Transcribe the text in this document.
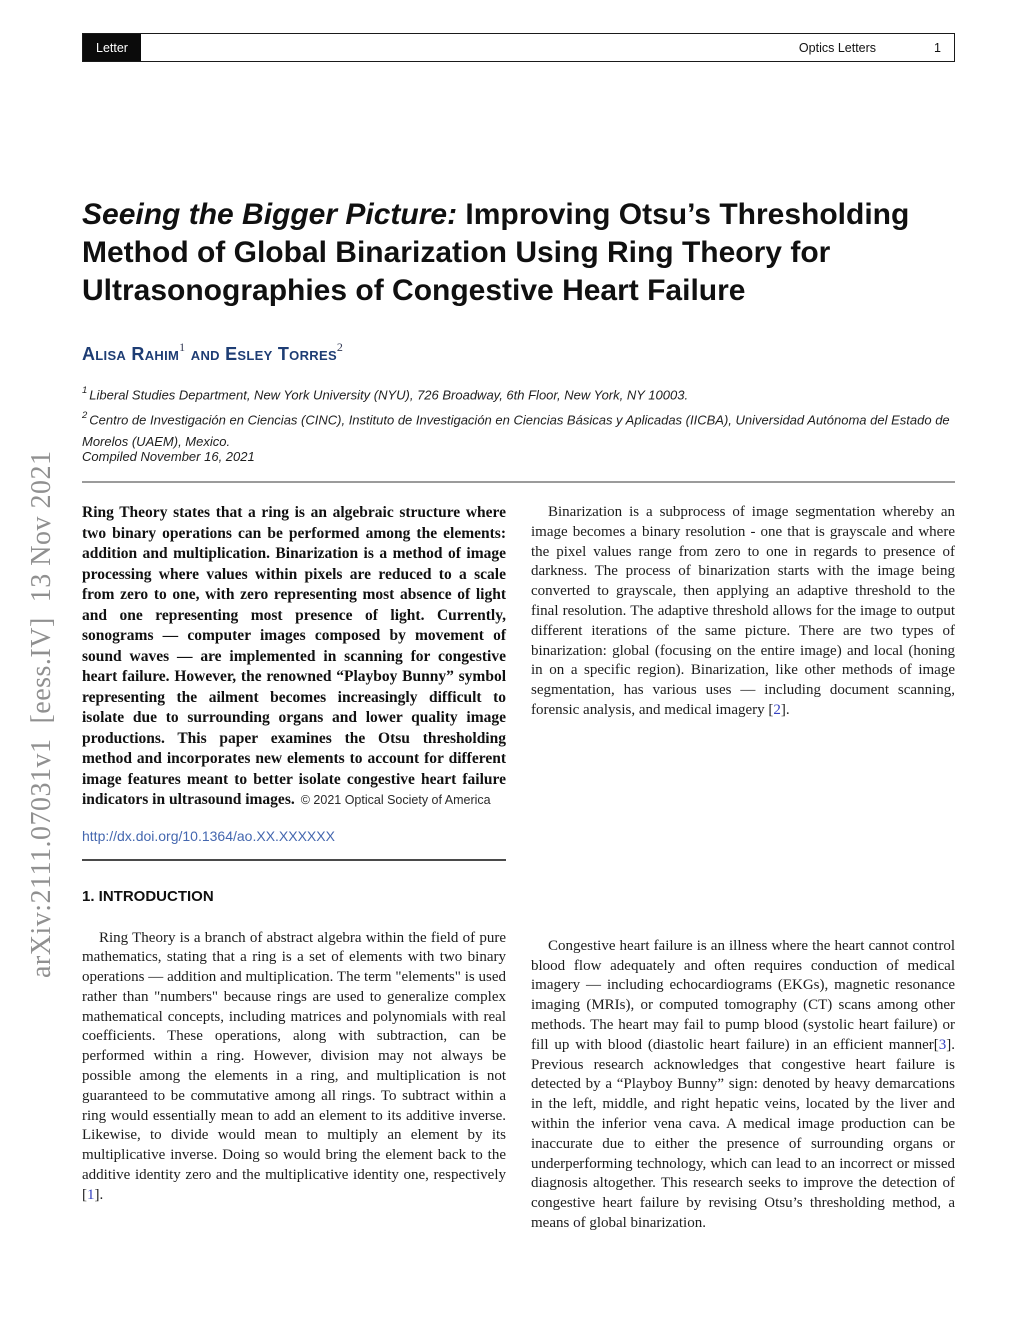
Letter	Optics Letters	1
arXiv:2111.07031v1  [eess.IV]  13 Nov 2021
Seeing the Bigger Picture: Improving Otsu’s Thresholding Method of Global Binarization Using Ring Theory for Ultrasonographies of Congestive Heart Failure
Alisa Rahim$^1$ and Esley Torres$^2$
$^1$ Liberal Studies Department, New York University (NYU), 726 Broadway, 6th Floor, New York, NY 10003.
$^2$ Centro de Investigación en Ciencias (CINC), Instituto de Investigación en Ciencias Básicas y Aplicadas (IICBA), Universidad Autónoma del Estado de Morelos (UAEM), Mexico.
Compiled November 16, 2021

Ring Theory states that a ring is an algebraic structure where two binary operations can be performed among the elements: addition and multiplication. Binarization is a method of image processing where values within pixels are reduced to a scale from zero to one, with zero representing most absence of light and one representing most presence of light. Currently, sonograms — computer images composed by movement of sound waves — are implemented in scanning for congestive heart failure. However, the renowned “Playboy Bunny” symbol representing the ailment becomes increasingly difficult to isolate due to surrounding organs and lower quality image productions. This paper examines the Otsu thresholding method and incorporates new elements to account for different image features meant to better isolate congestive heart failure indicators in ultrasound images. © 2021 Optical Society of America

http://dx.doi.org/10.1364/ao.XX.XXXXXX
1. INTRODUCTION

Ring Theory is a branch of abstract algebra within the field of pure mathematics, stating that a ring is a set of elements with two binary operations — addition and multiplication. The term "elements" is used rather than "numbers" because rings are used to generalize complex mathematical concepts, including matrices and polynomials with real coefficients. These operations, along with subtraction, can be performed within a ring. However, division may not always be possible among the elements in a ring, and multiplication is not guaranteed to be commutative among all rings. To subtract within a ring would essentially mean to add an element to its additive inverse. Likewise, to divide would mean to multiply an element by its multiplicative inverse. Doing so would bring the element back to the additive identity zero and the multiplicative identity one, respectively [1].

Binarization is a subprocess of image segmentation whereby an image becomes a binary resolution - one that is grayscale and where the pixel values range from zero to one in regards to presence of darkness. The process of binarization starts with the image being converted to grayscale, then applying an adaptive threshold to the final resolution. The adaptive threshold allows for the image to output different iterations of the same picture. There are two types of binarization: global (focusing on the entire image) and local (honing in on a specific region). Binarization, like other methods of image segmentation, has various uses — including document scanning, forensic analysis, and medical imagery [2].

Congestive heart failure is an illness where the heart cannot control blood flow adequately and often requires conduction of medical imagery — including echocardiograms (EKGs), magnetic resonance imaging (MRIs), or computed tomography (CT) scans among other methods. The heart may fail to pump blood (systolic heart failure) or fill up with blood (diastolic heart failure) in an efficient manner[3]. Previous research acknowledges that congestive heart failure is detected by a “Playboy Bunny” sign: denoted by heavy demarcations in the left, middle, and right hepatic veins, located by the liver and within the inferior vena cava. A medical image production can be inaccurate due to either the presence of surrounding organs or underperforming technology, which can lead to an incorrect or missed diagnosis altogether. This research seeks to improve the detection of congestive heart failure by revising Otsu’s thresholding method, a means of global binarization.
